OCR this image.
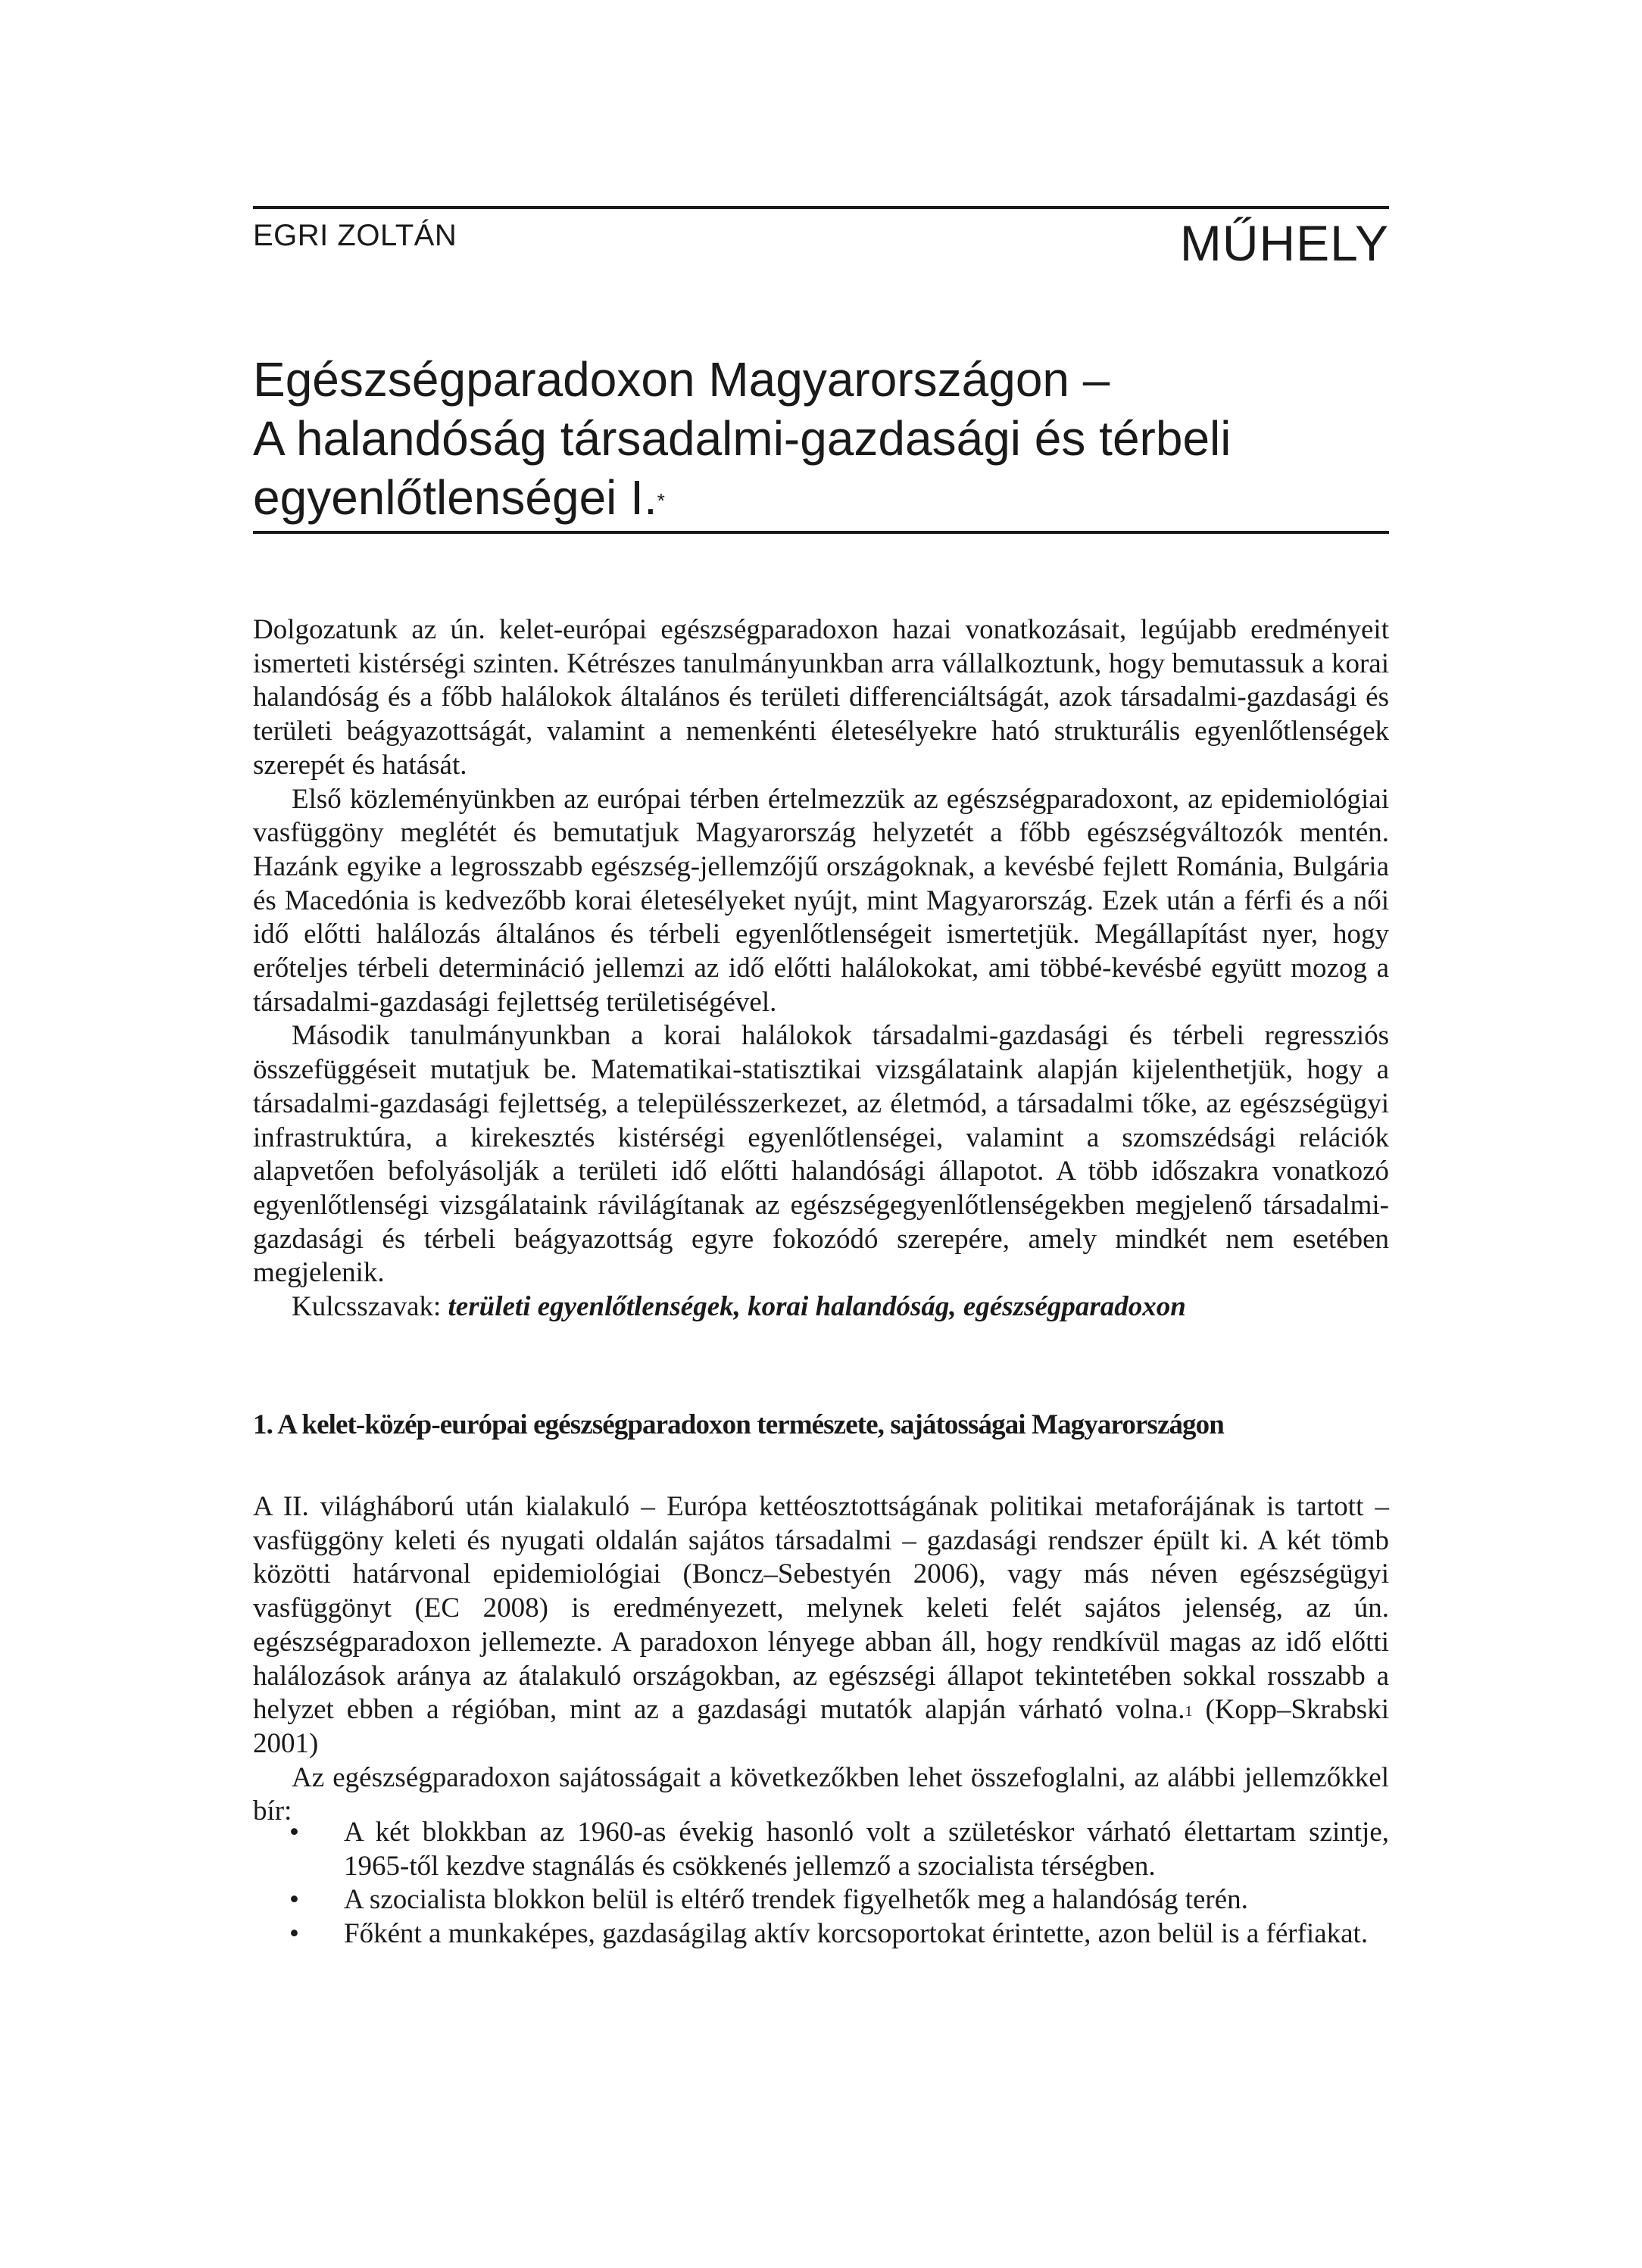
EGRI ZOLTÁN	MŰHELY
Egészségparadoxon Magyarországon –
A halandóság társadalmi-gazdasági és térbeli
egyenlőtlenségei I.*

Dolgozatunk az ún. kelet-európai egészségparadoxon hazai vonatkozásait, legújabb eredményeit ismerteti kistérségi szinten. Kétrészes tanulmányunkban arra vállalkoztunk, hogy bemutassuk a korai halandóság és a főbb halálokok általános és területi differenciáltságát, azok társadalmi-gazdasági és területi beágyazottságát, valamint a nemenkénti életesélyekre ható strukturális egyenlőtlenségek szerepét és hatását.

Első közleményünkben az európai térben értelmezzük az egészségparadoxont, az epidemiológiai vasfüggöny meglétét és bemutatjuk Magyarország helyzetét a főbb egészségváltozók mentén. Hazánk egyike a legrosszabb egészség-jellemzőjű országoknak, a kevésbé fejlett Románia, Bulgária és Macedónia is kedvezőbb korai életesélyeket nyújt, mint Magyarország. Ezek után a férfi és a női idő előtti halálozás általános és térbeli egyenlőtlenségeit ismertetjük. Megállapítást nyer, hogy erőteljes térbeli determináció jellemzi az idő előtti halálokokat, ami többé-kevésbé együtt mozog a társadalmi-gazdasági fejlettség területiségével.

Második tanulmányunkban a korai halálokok társadalmi-gazdasági és térbeli regressziós összefüggéseit mutatjuk be. Matematikai-statisztikai vizsgálataink alapján kijelenthetjük, hogy a társadalmi-gazdasági fejlettség, a településszerkezet, az életmód, a társadalmi tőke, az egészségügyi infrastruktúra, a kirekesztés kistérségi egyenlőtlenségei, valamint a szomszédsági relációk alapvetően befolyásolják a területi idő előtti halandósági állapotot. A több időszakra vonatkozó egyenlőtlenségi vizsgálataink rávilágítanak az egészségegyenlőtlenségekben megjelenő társadalmi-gazdasági és térbeli beágyazottság egyre fokozódó szerepére, amely mindkét nem esetében megjelenik.

Kulcsszavak: területi egyenlőtlenségek, korai halandóság, egészségparadoxon

1. A kelet-közép-európai egészségparadoxon természete, sajátosságai Magyarországon

A II. világháború után kialakuló – Európa kettéosztottságának politikai metaforájának is tartott – vasfüggöny keleti és nyugati oldalán sajátos társadalmi – gazdasági rendszer épült ki. A két tömb közötti határvonal epidemiológiai (Boncz–Sebestyén 2006), vagy más néven egészségügyi vasfüggönyt (EC 2008) is eredményezett, melynek keleti felét sajátos jelenség, az ún. egészségparadoxon jellemezte. A paradoxon lényege abban áll, hogy rendkívül magas az idő előtti halálozások aránya az átalakuló országokban, az egészségi állapot tekintetében sokkal rosszabb a helyzet ebben a régióban, mint az a gazdasági mutatók alapján várható volna.$^1$ (Kopp–Skrabski 2001)

Az egészségparadoxon sajátosságait a következőkben lehet összefoglalni, az alábbi jellemzőkkel bír:

• A két blokkban az 1960-as évekig hasonló volt a születéskor várható élettartam szintje, 1965-től kezdve stagnálás és csökkenés jellemző a szocialista térségben.
• A szocialista blokkon belül is eltérő trendek figyelhetők meg a halandóság terén.
• Főként a munkaképes, gazdaságilag aktív korcsoportokat érintette, azon belül is a férfiakat.
